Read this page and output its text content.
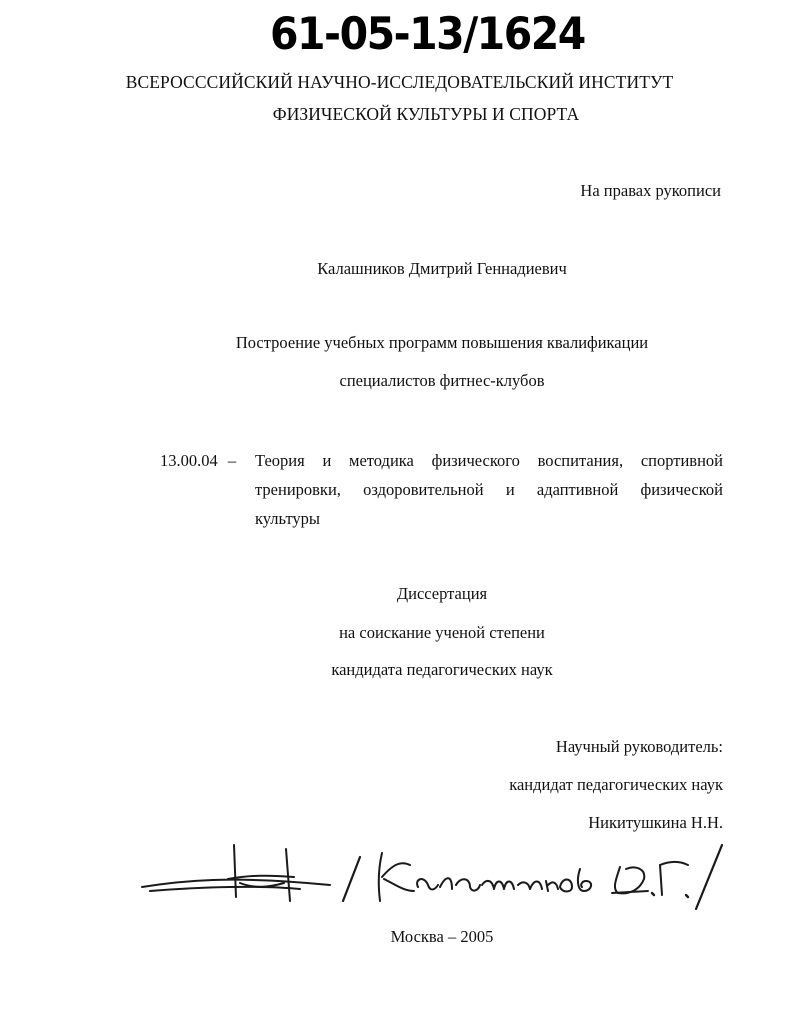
61-05-13/1624
ВСЕРОСССИЙСКИЙ НАУЧНО-ИССЛЕДОВАТЕЛЬСКИЙ ИНСТИТУТ
ФИЗИЧЕСКОЙ КУЛЬТУРЫ И СПОРТА
На правах рукописи
Калашников Дмитрий Геннадиевич
Построение учебных программ повышения квалификации
специалистов фитнес-клубов
13.00.04 – Теория и методика физического воспитания, спортивной
тренировки, оздоровительной и адаптивной физической
культуры
Диссертация
на соискание ученой степени
кандидата педагогических наук
Научный руководитель:
кандидат педагогических наук
Никитушкина Н.Н.
Москва – 2005
